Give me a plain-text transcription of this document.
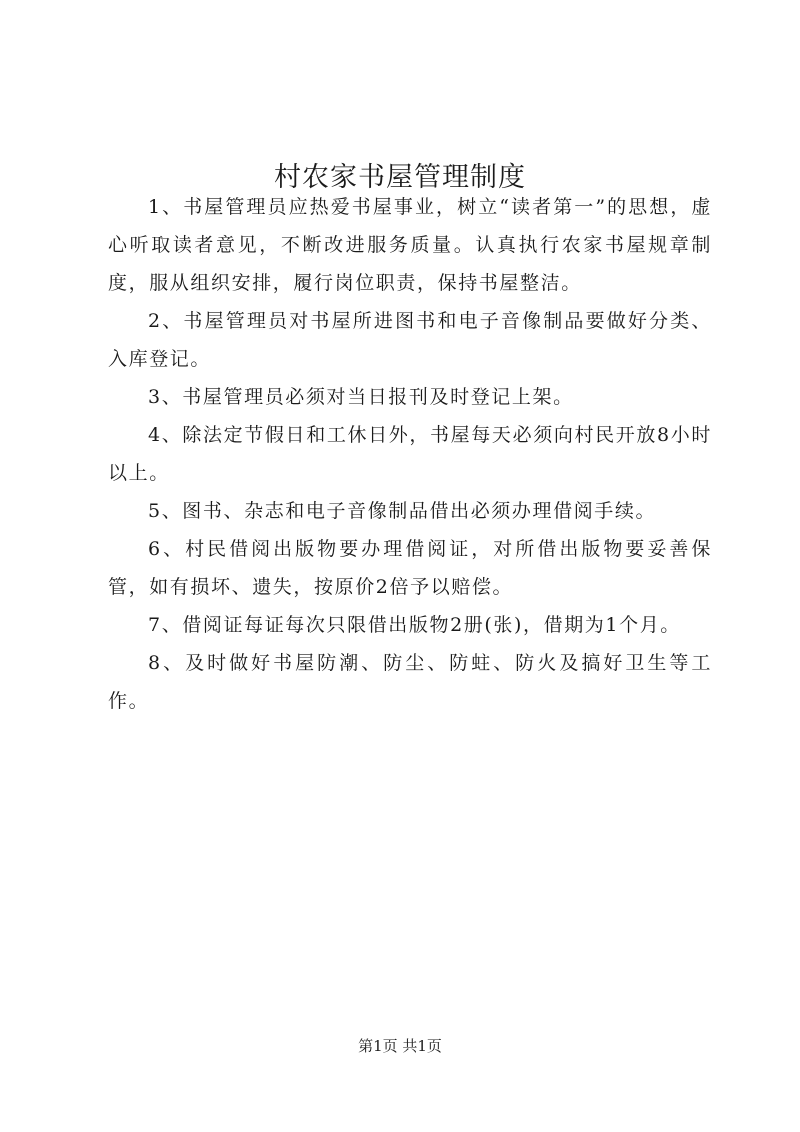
村农家书屋管理制度

1、书屋管理员应热爱书屋事业，树立“读者第一”的思想，虚心听取读者意见，不断改进服务质量。认真执行农家书屋规章制度，服从组织安排，履行岗位职责，保持书屋整洁。

2、书屋管理员对书屋所进图书和电子音像制品要做好分类、入库登记。

3、书屋管理员必须对当日报刊及时登记上架。

4、除法定节假日和工休日外，书屋每天必须向村民开放8小时以上。

5、图书、杂志和电子音像制品借出必须办理借阅手续。

6、村民借阅出版物要办理借阅证，对所借出版物要妥善保管，如有损坏、遗失，按原价2倍予以赔偿。

7、借阅证每证每次只限借出版物2册(张)，借期为1个月。

8、及时做好书屋防潮、防尘、防蛀、防火及搞好卫生等工作。

第1页 共1页
